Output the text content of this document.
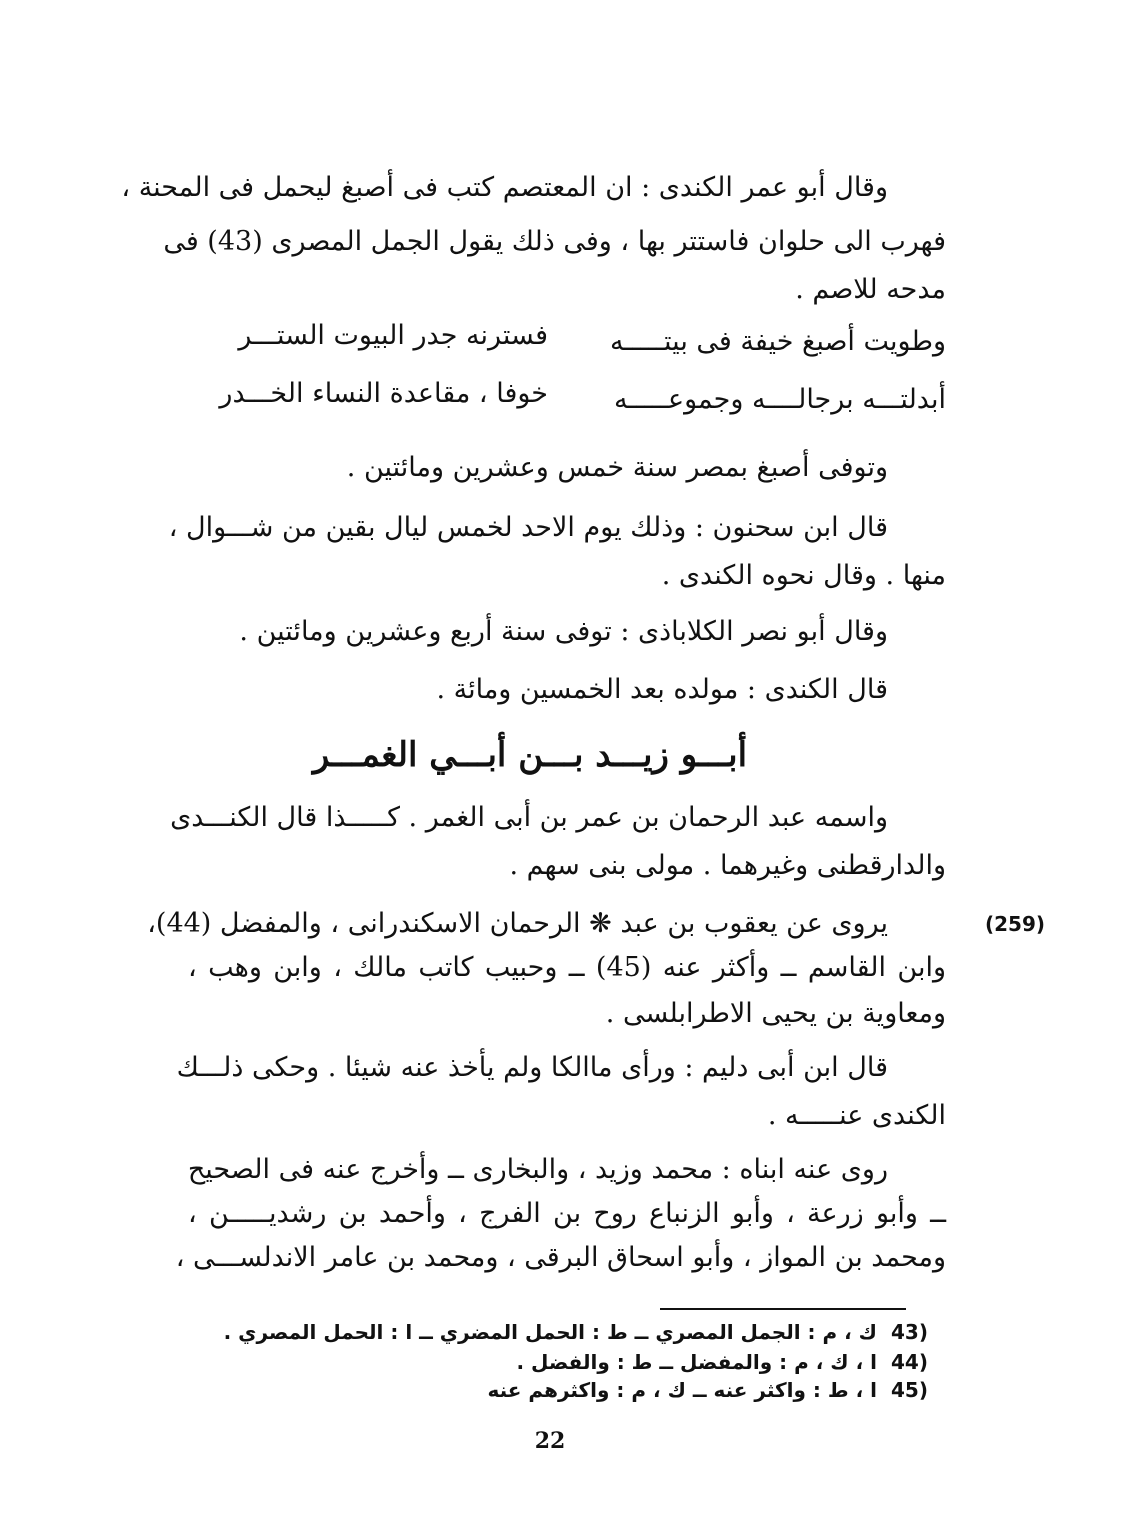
وقال أبو عمر الكندى : ان المعتصم كتب فى أصبغ ليحمل فى المحنة ،
فهرب الى حلوان فاستتر بها ، وفى ذلك يقول الجمل المصرى (43) فى
مدحه للاصم .
وطويت أصبغ خيفة فى بيتـــــه
فسترنه جدر البيوت الستـــر
أبدلتـــه برجالــــه وجموعـــــه
خوفا ، مقاعدة النساء الخـــدر
وتوفى أصبغ بمصر سنة خمس وعشرين ومائتين .
قال ابن سحنون : وذلك يوم الاحد لخمس ليال بقين من شـــوال ،
منها . وقال نحوه الكندى .
وقال أبو نصر الكلاباذى : توفى سنة أربع وعشرين ومائتين .
قال الكندى : مولده بعد الخمسين ومائة .
أبـــو زيـــد بـــن أبـــي الغمـــر
واسمه عبد الرحمان بن عمر بن أبى الغمر . كـــــذا قال الكنـــدى
والدارقطنى وغيرهما . مولى بنى سهم .
(259)
يروى عن يعقوب بن عبد ❋ الرحمان الاسكندرانى ، والمفضل (44)،
وابن القاسم ــ وأكثر عنه (45) ــ وحبيب كاتب مالك ، وابن وهب ،
ومعاوية بن يحيى الاطرابلسى .
قال ابن أبى دليم : ورأى ماالكا ولم يأخذ عنه شيئا . وحكى ذلـــك
الكندى عنـــــه .
روى عنه ابناه : محمد وزيد ، والبخارى ــ وأخرج عنه فى الصحيح
ــ وأبو زرعة ، وأبو الزنباع روح بن الفرج ، وأحمد بن رشديـــــن ،
ومحمد بن المواز ، وأبو اسحاق البرقى ، ومحمد بن عامر الاندلســـى ،
(43ك ، م : الجمل المصري ــ ط : الحمل المضري ــ ا : الحمل المصري .
(44ا ، ك ، م : والمفضل ــ ط : والفضل .
(45ا ، ط : واكثر عنه ــ ك ، م : واكثرهم عنه
22
